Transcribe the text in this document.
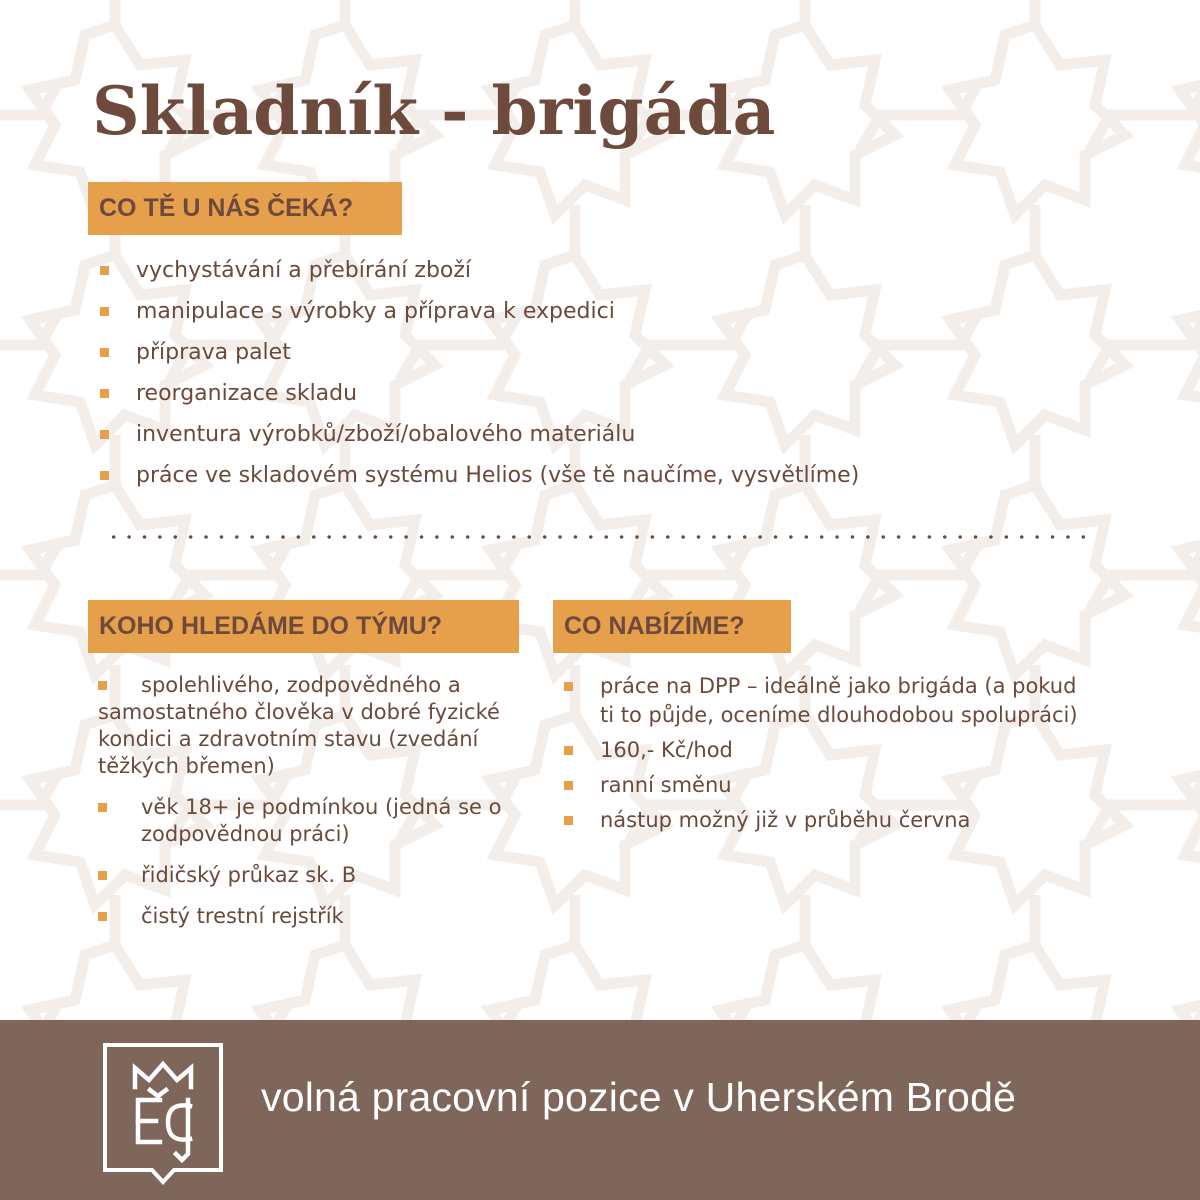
Skladník - brigáda
CO TĚ U NÁS ČEKÁ?
vychystávání a přebírání zboží
manipulace s výrobky a příprava k expedici
příprava palet
reorganizace skladu
inventura výrobků/zboží/obalového materiálu
práce ve skladovém systému Helios (vše tě naučíme, vysvětlíme)
KOHO HLEDÁME DO TÝMU?
spolehlivého, zodpovědného a samostatného člověka v dobré fyzické kondici a zdravotním stavu (zvedání těžkých břemen)
věk 18+ je podmínkou (jedná se o zodpovědnou práci)
řidičský průkaz sk. B
čistý trestní rejstřík
CO NABÍZÍME?
práce na DPP – ideálně jako brigáda (a pokud ti to půjde, oceníme dlouhodobou spolupráci)
160,- Kč/hod
ranní směnu
nástup možný již v průběhu června
volná pracovní pozice v Uherském Brodě
